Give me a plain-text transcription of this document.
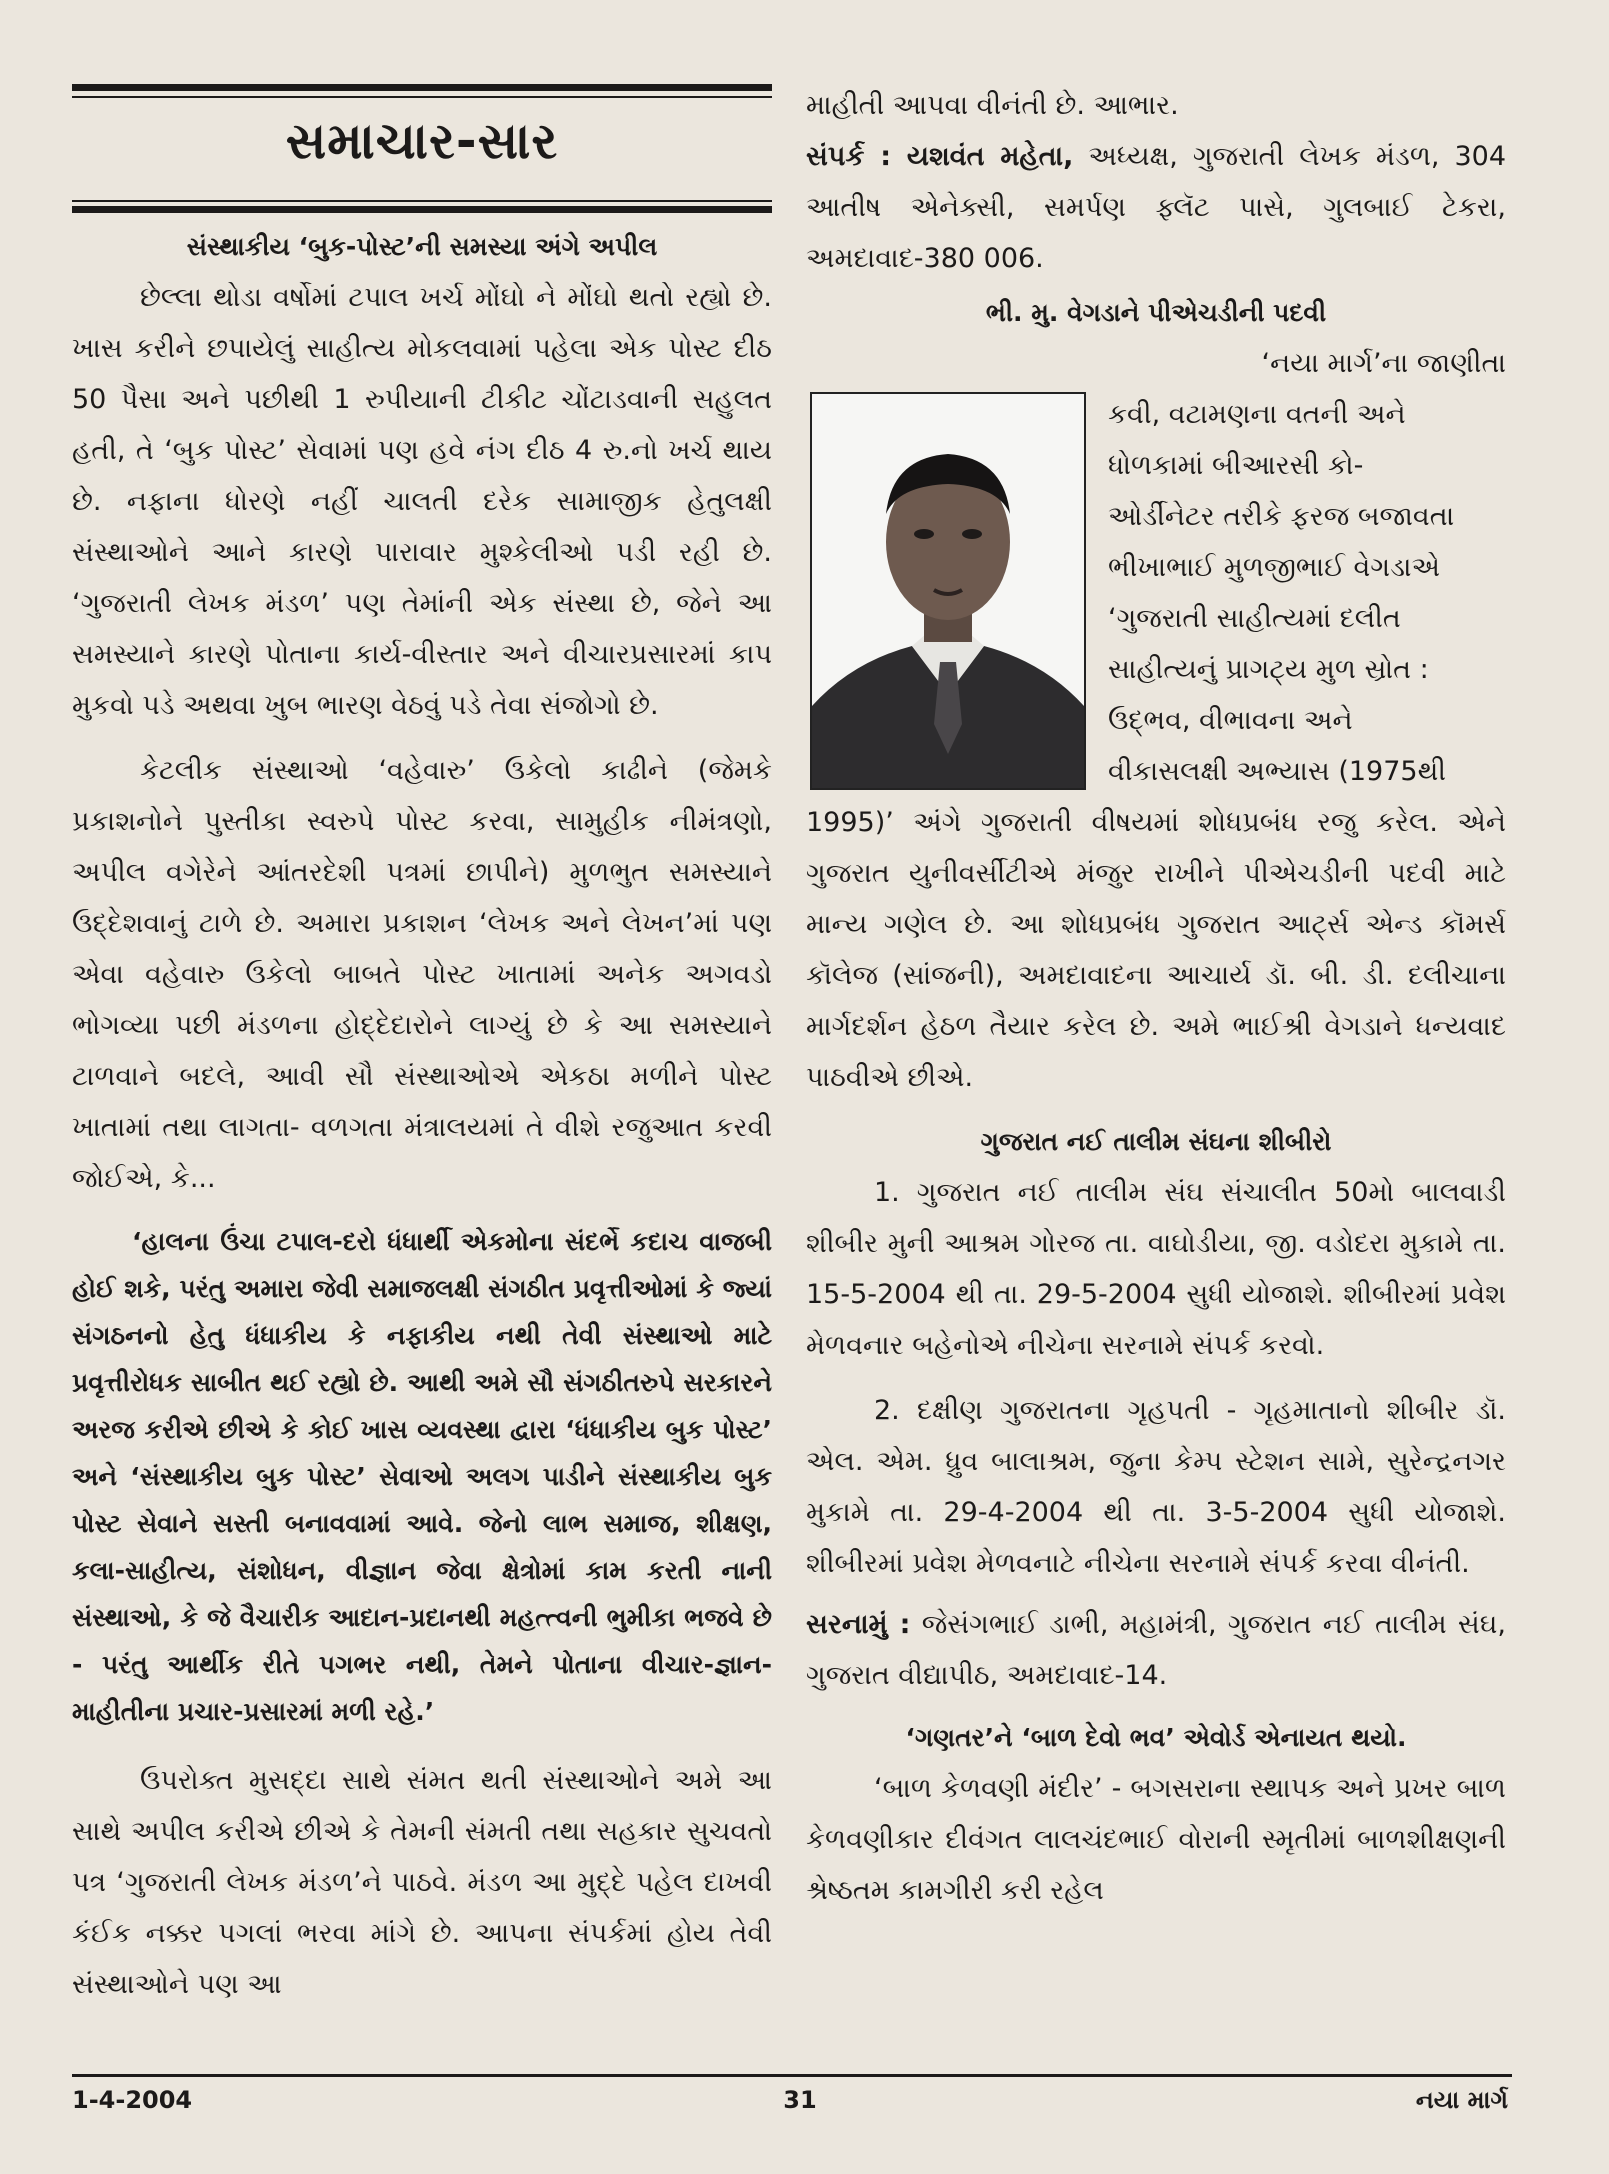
સમાચાર-સાર
સંસ્થાકીય ‘બુક-પોસ્ટ’ની સમસ્યા અંગે અપીલ

છેલ્લા થોડા વર્ષોમાં ટપાલ ખર્ચ મોંઘો ને મોંઘો થતો રહ્યો છે. ખાસ કરીને છપાયેલું સાહીત્ય મોકલવામાં પહેલા એક પોસ્ટ દીઠ 50 પૈસા અને પછીથી 1 રુપીયાની ટીકીટ ચોંટાડવાની સહુલત હતી, તે ‘બુક પોસ્ટ’ સેવામાં પણ હવે નંગ દીઠ 4 રુ.નો ખર્ચ થાય છે. નફાના ધોરણે નહીં ચાલતી દરેક સામાજીક હેતુલક્ષી સંસ્થાઓને આને કારણે પારાવાર મુશ્કેલીઓ પડી રહી છે. ‘ગુજરાતી લેખક મંડળ’ પણ તેમાંની એક સંસ્થા છે, જેને આ સમસ્યાને કારણે પોતાના કાર્ય-વીસ્તાર અને વીચારપ્રસારમાં કાપ મુકવો પડે અથવા ખુબ ભારણ વેઠવું પડે તેવા સંજોગો છે.

કેટલીક સંસ્થાઓ ‘વહેવારુ’ ઉકેલો કાઢીને (જેમકે પ્રકાશનોને પુસ્તીકા સ્વરુપે પોસ્ટ કરવા, સામુહીક નીમંત્રણો, અપીલ વગેરેને આંતરદેશી પત્રમાં છાપીને) મુળભુત સમસ્યાને ઉદ્દેશવાનું ટાળે છે. અમારા પ્રકાશન ‘લેખક અને લેખન’માં પણ એવા વહેવારુ ઉકેલો બાબતે પોસ્ટ ખાતામાં અનેક અગવડો ભોગવ્યા પછી મંડળના હોદ્દેદારોને લાગ્યું છે કે આ સમસ્યાને ટાળવાને બદલે, આવી સૌ સંસ્થાઓએ એકઠા મળીને પોસ્ટ ખાતામાં તથા લાગતા- વળગતા મંત્રાલયમાં તે વીશે રજુઆત કરવી જોઈએ, કે...

‘હાલના ઉંચા ટપાલ-દરો ધંધાર્થી એકમોના સંદર્ભે કદાચ વાજબી હોઈ શકે, પરંતુ અમારા જેવી સમાજલક્ષી સંગઠીત પ્રવૃત્તીઓમાં કે જ્યાં સંગઠનનો હેતુ ધંધાકીય કે નફાકીય નથી તેવી સંસ્થાઓ માટે પ્રવૃત્તીરોધક સાબીત થઈ રહ્યો છે. આથી અમે સૌ સંગઠીતરુપે સરકારને અરજ કરીએ છીએ કે કોઈ ખાસ વ્યવસ્થા દ્વારા ‘ધંધાકીય બુક પોસ્ટ’ અને ‘સંસ્થાકીય બુક પોસ્ટ’ સેવાઓ અલગ પાડીને સંસ્થાકીય બુક પોસ્ટ સેવાને સસ્તી બનાવવામાં આવે. જેનો લાભ સમાજ, શીક્ષણ, કલા-સાહીત્ય, સંશોધન, વીજ્ઞાન જેવા ક્ષેત્રોમાં કામ કરતી નાની સંસ્થાઓ, કે જે વૈચારીક આદાન-પ્રદાનથી મહત્ત્વની ભુમીકા ભજવે છે - પરંતુ આર્થીક રીતે પગભર નથી, તેમને પોતાના વીચાર-જ્ઞાન-માહીતીના પ્રચાર-પ્રસારમાં મળી રહે.’

ઉપરોક્ત મુસદ્દા સાથે સંમત થતી સંસ્થાઓને અમે આ સાથે અપીલ કરીએ છીએ કે તેમની સંમતી તથા સહકાર સુચવતો પત્ર ‘ગુજરાતી લેખક મંડળ’ને પાઠવે. મંડળ આ મુદ્દે પહેલ દાખવી કંઈક નક્કર પગલાં ભરવા માંગે છે. આપના સંપર્કમાં હોય તેવી સંસ્થાઓને પણ આ

માહીતી આપવા વીનંતી છે. આભાર.

સંપર્ક : યશવંત મહેતા, અધ્યક્ષ, ગુજરાતી લેખક મંડળ, 304 આતીષ એનેક્સી, સમર્પણ ફ્લૅટ પાસે, ગુલબાઈ ટેકરા, અમદાવાદ-380 006.

ભી. મુ. વેગડાને પીએચડીની પદવી
‘નયા માર્ગ’ના જાણીતા
કવી, વટામણના વતની અને
ધોળકામાં બીઆરસી કો-
ઓર્ડીનેટર તરીકે ફરજ બજાવતા
ભીખાભાઈ મુળજીભાઈ વેગડાએ
‘ગુજરાતી સાહીત્યમાં દલીત
સાહીત્યનું પ્રાગટ્ય મુળ સ્રોત :
ઉદ્‌ભવ, વીભાવના અને
વીકાસલક્ષી અભ્યાસ (1975થી

1995)’ અંગે ગુજરાતી વીષયમાં શોધપ્રબંધ રજુ કરેલ. એને ગુજરાત યુનીવર્સીટીએ મંજુર રાખીને પીએચડીની પદવી માટે માન્ય ગણેલ છે. આ શોધપ્રબંધ ગુજરાત આર્ટ્સ એન્ડ કૉમર્સ કૉલેજ (સાંજની), અમદાવાદના આચાર્ય ડૉ. બી. ડી. દલીચાના માર્ગદર્શન હેઠળ તૈયાર કરેલ છે. અમે ભાઈશ્રી વેગડાને ધન્યવાદ પાઠવીએ છીએ.

ગુજરાત નઈ તાલીમ સંઘના શીબીરો

1. ગુજરાત નઈ તાલીમ સંઘ સંચાલીત 50મો બાલવાડી શીબીર મુની આશ્રમ ગોરજ તા. વાઘોડીયા, જી. વડોદરા મુકામે તા. 15-5-2004 થી તા. 29-5-2004 સુધી યોજાશે. શીબીરમાં પ્રવેશ મેળવનાર બહેનોએ નીચેના સરનામે સંપર્ક કરવો.

2. દક્ષીણ ગુજરાતના ગૃહપતી - ગૃહમાતાનો શીબીર ડૉ. એલ. એમ. ધ્રુવ બાલાશ્રમ, જુના કેમ્પ સ્ટેશન સામે, સુરેન્દ્રનગર મુકામે તા. 29-4-2004 થી તા. 3-5-2004 સુધી યોજાશે. શીબીરમાં પ્રવેશ મેળવનાટે નીચેના સરનામે સંપર્ક કરવા વીનંતી.

સરનામું : જેસંગભાઈ ડાભી, મહામંત્રી, ગુજરાત નઈ તાલીમ સંઘ, ગુજરાત વીદ્યાપીઠ, અમદાવાદ-14.

‘ગણતર’ને ‘બાળ દેવો ભવ’ એવોર્ડ એનાયત થયો.

‘બાળ કેળવણી મંદીર’ - બગસરાના સ્થાપક અને પ્રખર બાળ કેળવણીકાર દીવંગત લાલચંદભાઈ વોરાની સ્મૃતીમાં બાળશીક્ષણની શ્રેષ્ઠતમ કામગીરી કરી રહેલ

1-4-2004	31	નયા માર્ગ
